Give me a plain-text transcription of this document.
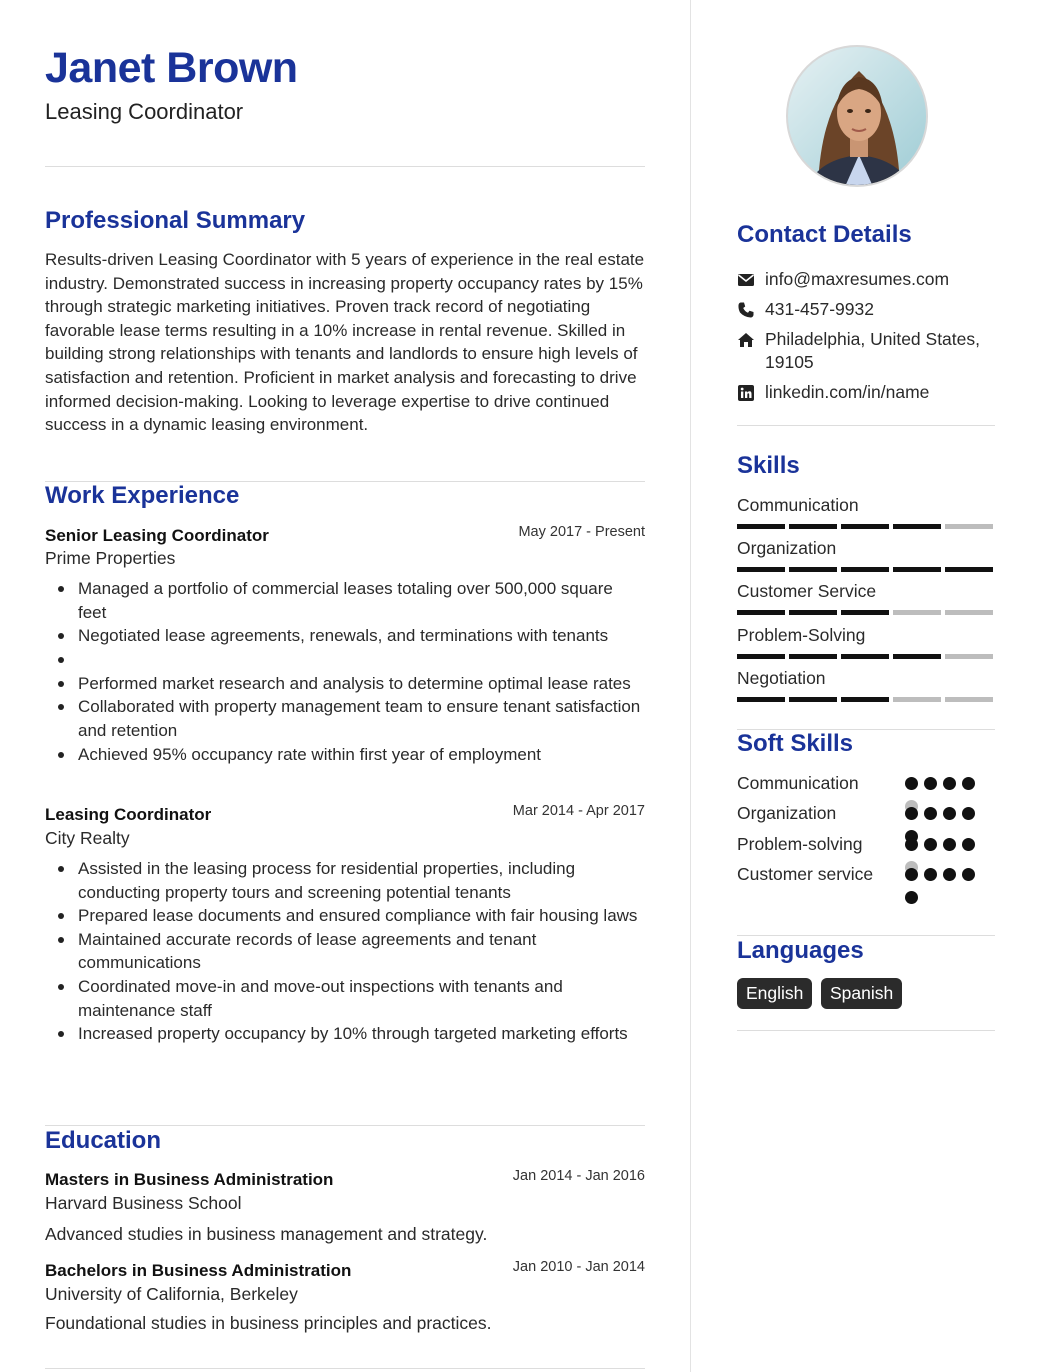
Janet Brown
Leasing Coordinator
Professional Summary

Results-driven Leasing Coordinator with 5 years of experience in the real estate industry. Demonstrated success in increasing property occupancy rates by 15% through strategic marketing initiatives. Proven track record of negotiating favorable lease terms resulting in a 10% increase in rental revenue. Skilled in building strong relationships with tenants and landlords to ensure high levels of satisfaction and retention. Proficient in market analysis and forecasting to drive informed decision-making. Looking to leverage expertise to drive continued success in a dynamic leasing environment.

Work Experience
Senior Leasing Coordinator	May 2017 - Present
Prime Properties
Managed a portfolio of commercial leases totaling over 500,000 square feet
Negotiated lease agreements, renewals, and terminations with tenants
Performed market research and analysis to determine optimal lease rates
Collaborated with property management team to ensure tenant satisfaction and retention
Achieved 95% occupancy rate within first year of employment
Leasing Coordinator	Mar 2014 - Apr 2017
City Realty
Assisted in the leasing process for residential properties, including conducting property tours and screening potential tenants
Prepared lease documents and ensured compliance with fair housing laws
Maintained accurate records of lease agreements and tenant communications
Coordinated move-in and move-out inspections with tenants and maintenance staff
Increased property occupancy by 10% through targeted marketing efforts
Education
Masters in Business Administration	Jan 2014 - Jan 2016
Harvard Business School
Advanced studies in business management and strategy.
Bachelors in Business Administration	Jan 2010 - Jan 2014
University of California, Berkeley
Foundational studies in business principles and practices.
Contact Details
info@maxresumes.com
431-457-9932
Philadelphia, United States, 19105
linkedin.com/in/name
Skills
Communication
Organization
Customer Service
Problem-Solving
Negotiation
Soft Skills
Communication
Organization
Problem-solving
Customer service
Languages
English	Spanish
